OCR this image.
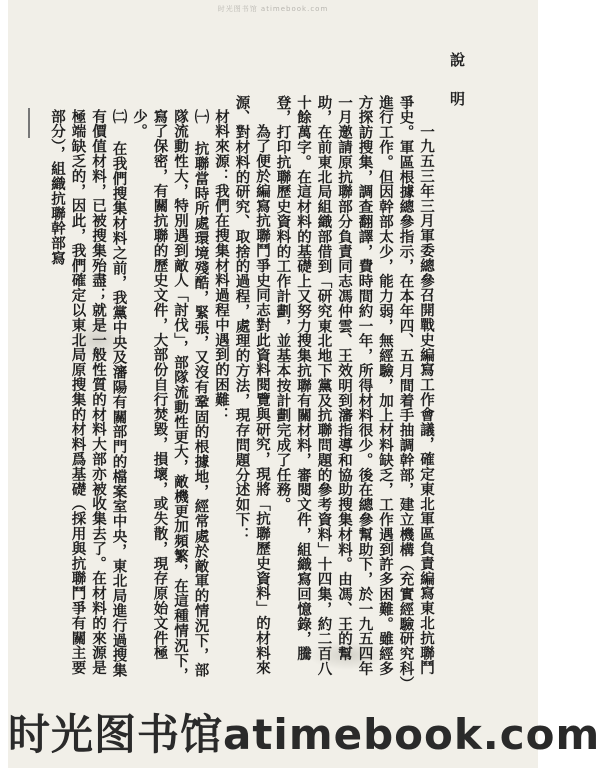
时光图书馆 atimebook.com
說明

一九五三年三月軍委總參召開戰史編寫工作會議，確定東北軍區負責編寫東北抗聯鬥爭史。軍區根據總參指示，在本年四、五月間着手抽調幹部，建立機構（充實經驗研究科）進行工作。但因幹部太少，能力弱，無經驗，加上材料缺乏，工作遇到許多困難。雖經多方探訪搜集，調查翻譯，費時間約一年，所得材料很少。後在總參幫助下，於一九五四年一月邀請原抗聯部分負責同志馮仲雲、王效明到瀋指導和協助搜集材料。由馮、王的幫助，在前東北局組織部借到「研究東北地下黨及抗聯問題的參考資料」十四集，約二百八十餘萬字。在這材料的基礎上又努力搜集抗聯有關材料，審閱文件，組織寫回憶錄，騰登，打印抗聯歷史資料的工作計劃，並基本按計劃完成了任務。

為了便於編寫抗聯鬥爭史同志對此資料閱覽與研究，現將「抗聯歷史資料」的材料來源、對材料的研究、取捨的過程，處理的方法，現存問題分述如下：

材料來源：我們在搜集材料過程中遇到的困難：

㈠ 抗聯當時所處環境殘酷，緊張，又沒有鞏固的根據地，經常處於敵軍的情況下，部隊流動性大，特別遇到敵人「討伐」，部隊流動性更大，敵機更加頻繁，在這種情況下，寫了保密，有關抗聯的歷史文件，大部份自行焚毀，損壞，或失散，現存原始文件極少。

㈡ 在我們搜集材料之前，我黨中央及瀋陽有關部門的檔案室中央，東北局進行過搜集有價值材料，已被搜集殆盡；就是一般性質的材料大部亦被收集去了。在材料的來源是極端缺乏的，因此，我們確定以東北局原搜集的材料爲基礎（採用與抗聯鬥爭有關主要部分），組織抗聯幹部寫

时光图书馆atimebook.com
